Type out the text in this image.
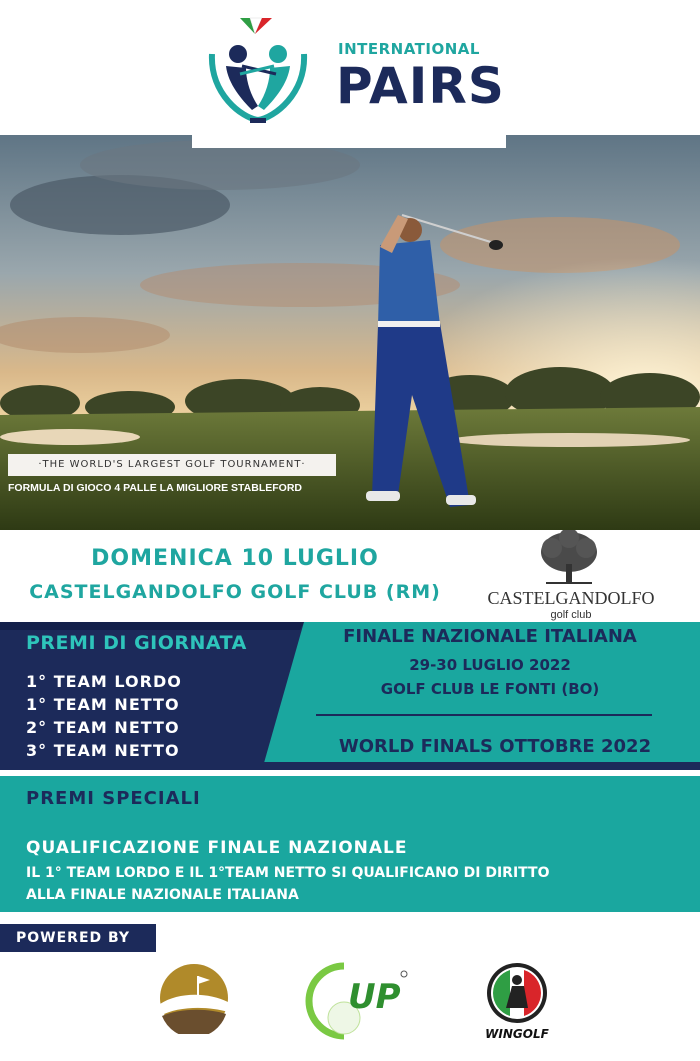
INTERNATIONAL
PAIRS
·THE WORLD'S LARGEST GOLF TOURNAMENT·
FORMULA DI GIOCO 4 PALLE LA MIGLIORE STABLEFORD
DOMENICA 10 LUGLIO
CASTELGANDOLFO GOLF CLUB (RM)	CASTELGANDOLFO
golf club
PREMI DI GIORNATA
1° TEAM LORDO
1° TEAM NETTO
2° TEAM NETTO
3° TEAM NETTO
FINALE NAZIONALE ITALIANA
29-30 LUGLIO 2022
GOLF CLUB LE FONTI (BO)
WORLD FINALS OTTOBRE 2022
PREMI SPECIALI
QUALIFICAZIONE FINALE NAZIONALE
IL 1° TEAM LORDO E IL 1°TEAM NETTO SI QUALIFICANO DI DIRITTO
ALLA FINALE NAZIONALE ITALIANA
POWERED BY
UP
WINGOLF
